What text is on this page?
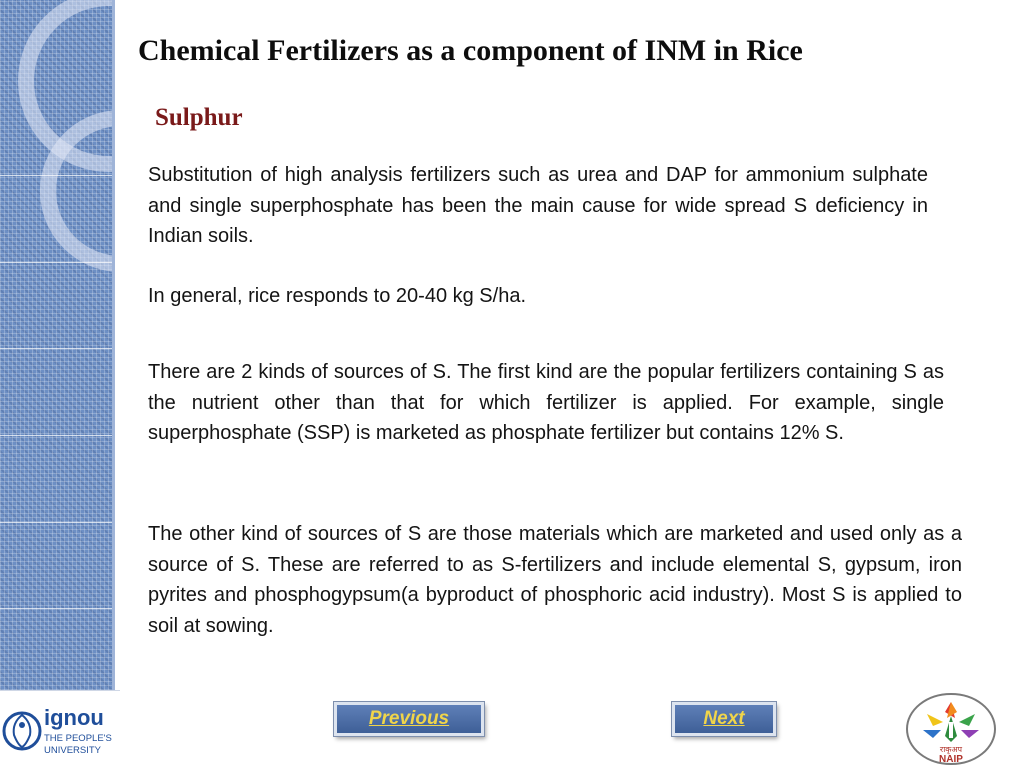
ignou
THE PEOPLE'S
UNIVERSITY
Chemical Fertilizers as a component of INM in Rice
Sulphur

Substitution of high analysis fertilizers such as urea and DAP for ammonium sulphate and single superphosphate has been the main cause for wide spread S deficiency in Indian soils.

In general, rice responds to 20-40 kg S/ha.

There are 2 kinds of sources of S. The first kind are the popular fertilizers containing S as the nutrient other than that for which fertilizer is applied. For example, single superphosphate (SSP) is marketed as phosphate fertilizer but contains 12% S.

The other kind of sources of S are those materials which are marketed and used only as a source of S. These are referred to as S-fertilizers and include elemental S, gypsum, iron pyrites and phosphogypsum(a byproduct of phosphoric acid industry). Most S is applied to soil at sowing.

Previous	Next
राकृअप
NAIP
